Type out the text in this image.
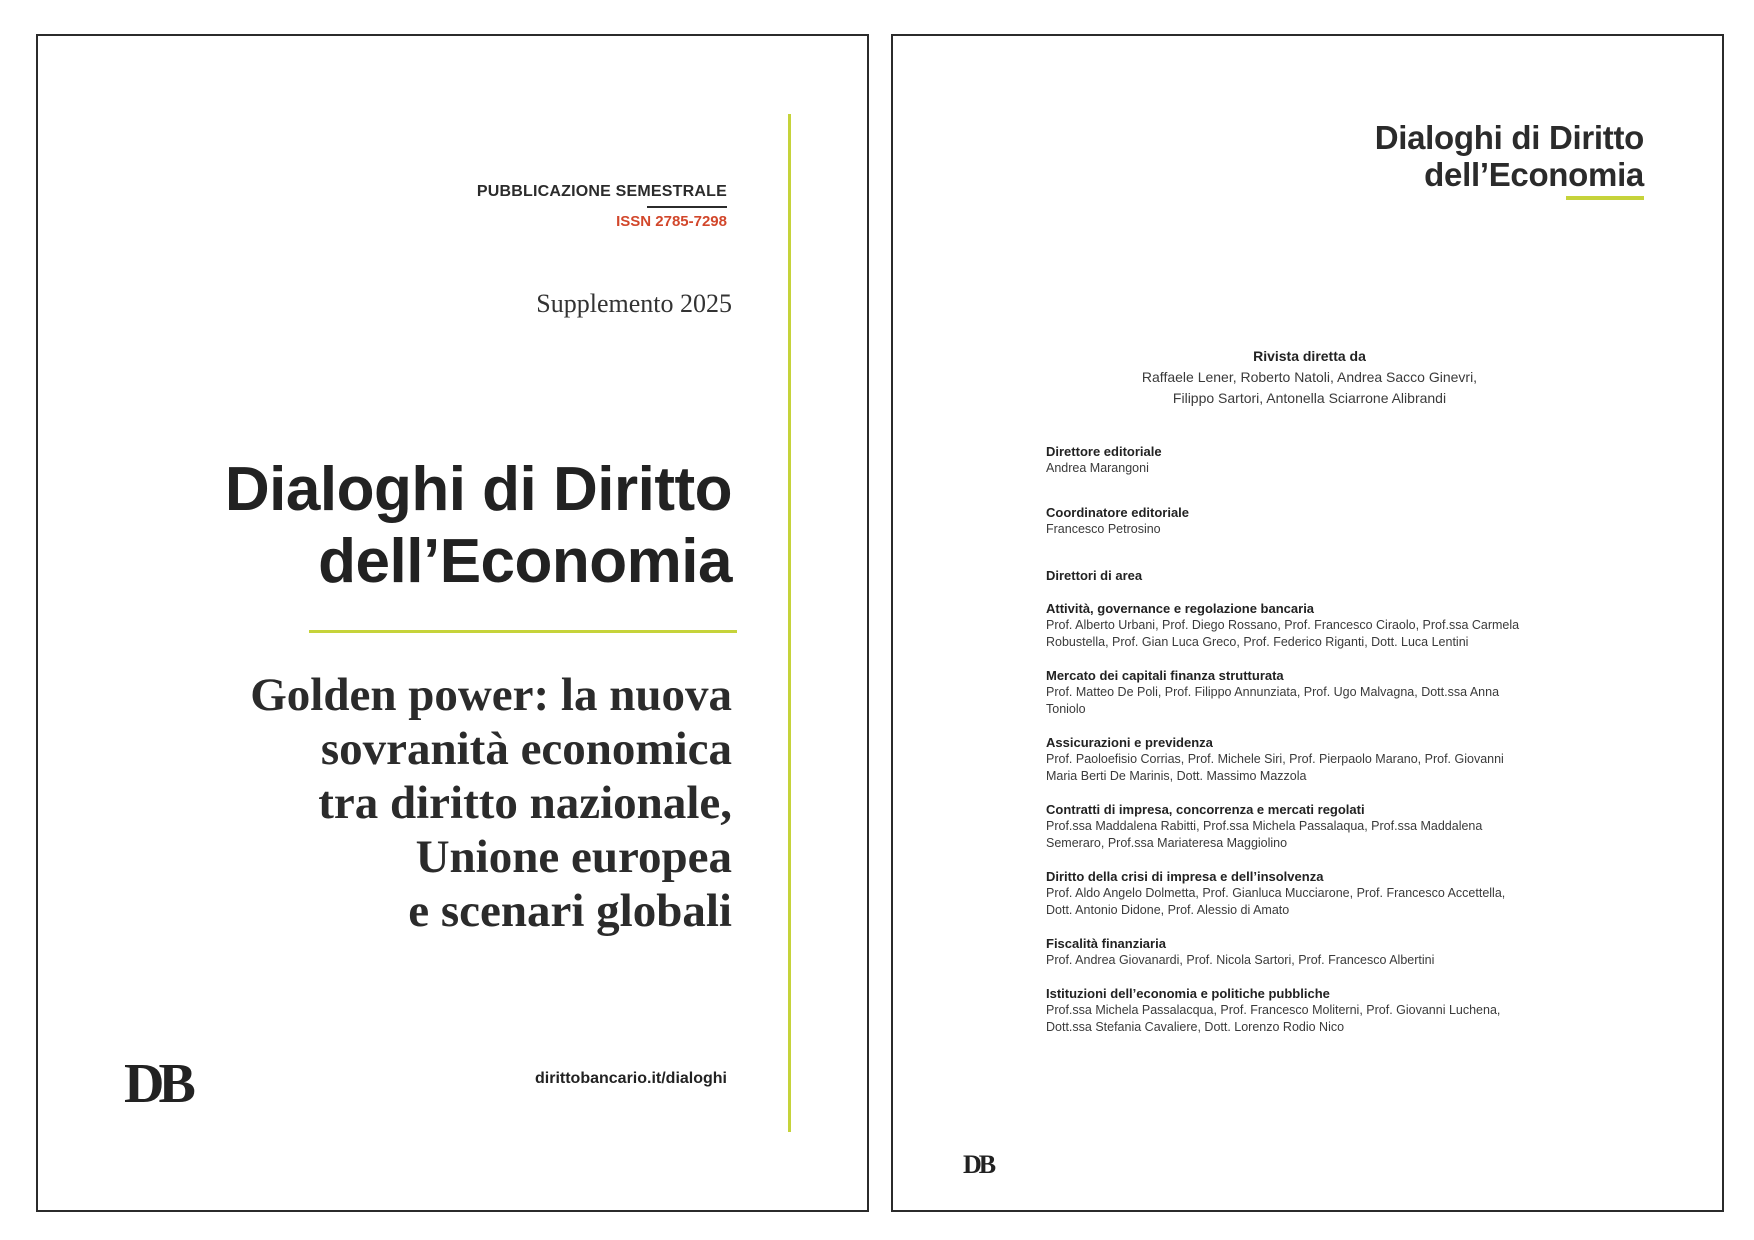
PUBBLICAZIONE SEMESTRALE
ISSN 2785-7298
Supplemento 2025
Dialoghi di Diritto
dell’Economia
Golden power: la nuova
sovranità economica
tra diritto nazionale,
Unione europea
e scenari globali
DB	dirittobancario.it/dialoghi
Dialoghi di Diritto
dell’Economia
Rivista diretta da
Raffaele Lener, Roberto Natoli, Andrea Sacco Ginevri,
Filippo Sartori, Antonella Sciarrone Alibrandi
Direttore editoriale
Andrea Marangoni
Coordinatore editoriale
Francesco Petrosino
Direttori di area
Attività, governance e regolazione bancaria
Prof. Alberto Urbani, Prof. Diego Rossano, Prof. Francesco Ciraolo, Prof.ssa Carmela
Robustella, Prof. Gian Luca Greco, Prof. Federico Riganti, Dott. Luca Lentini
Mercato dei capitali finanza strutturata
Prof. Matteo De Poli, Prof. Filippo Annunziata, Prof. Ugo Malvagna, Dott.ssa Anna
Toniolo
Assicurazioni e previdenza
Prof. Paoloefisio Corrias, Prof. Michele Siri, Prof. Pierpaolo Marano, Prof. Giovanni
Maria Berti De Marinis, Dott. Massimo Mazzola
Contratti di impresa, concorrenza e mercati regolati
Prof.ssa Maddalena Rabitti, Prof.ssa Michela Passalaqua, Prof.ssa Maddalena
Semeraro, Prof.ssa Mariateresa Maggiolino
Diritto della crisi di impresa e dell’insolvenza
Prof. Aldo Angelo Dolmetta, Prof. Gianluca Mucciarone, Prof. Francesco Accettella,
Dott. Antonio Didone, Prof. Alessio di Amato
Fiscalità finanziaria
Prof. Andrea Giovanardi, Prof. Nicola Sartori, Prof. Francesco Albertini
Istituzioni dell’economia e politiche pubbliche
Prof.ssa Michela Passalacqua, Prof. Francesco Moliterni, Prof. Giovanni Luchena,
Dott.ssa Stefania Cavaliere, Dott. Lorenzo Rodio Nico
DB
